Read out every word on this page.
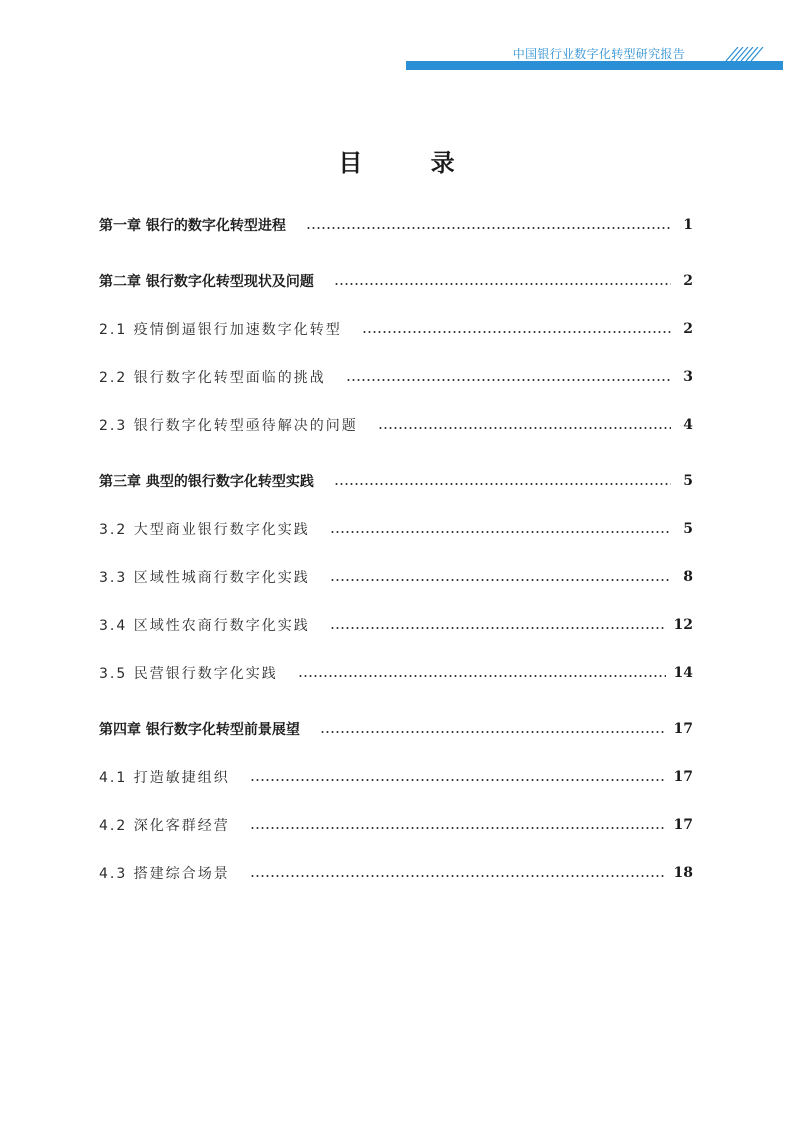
中国银行业数字化转型研究报告
目 录
第一章 银行的数字化转型进程	1
第二章 银行数字化转型现状及问题	2
2.1 疫情倒逼银行加速数字化转型	2
2.2 银行数字化转型面临的挑战	3
2.3 银行数字化转型亟待解决的问题	4
第三章 典型的银行数字化转型实践	5
3.2 大型商业银行数字化实践	5
3.3 区域性城商行数字化实践	8
3.4 区域性农商行数字化实践	12
3.5 民营银行数字化实践	14
第四章 银行数字化转型前景展望	17
4.1 打造敏捷组织	17
4.2 深化客群经营	17
4.3 搭建综合场景	18
